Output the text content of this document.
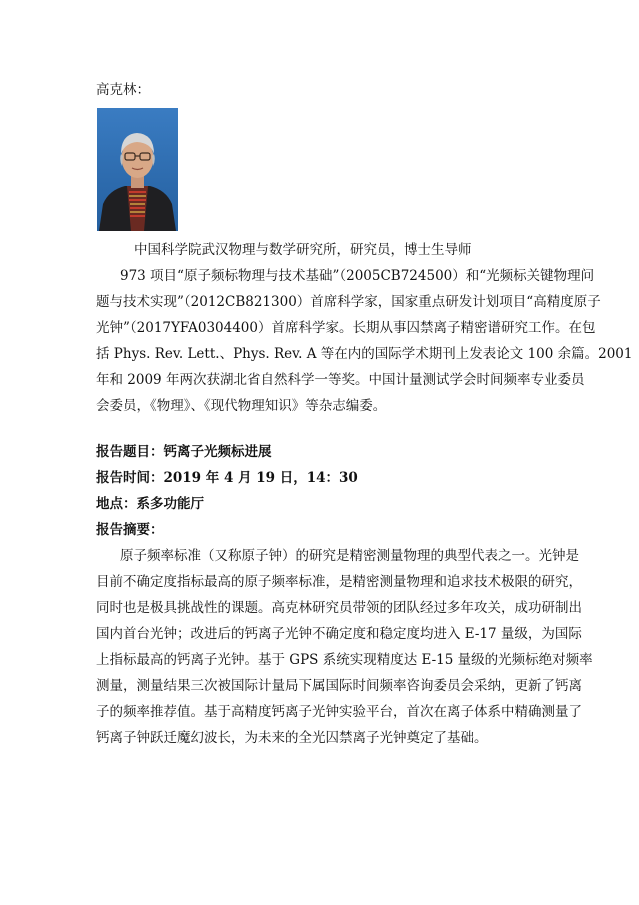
高克林：

中国科学院武汉物理与数学研究所，研究员，博士生导师

973 项目“原子频标物理与技术基础”（2005CB724500）和“光频标关键物理问

题与技术实现”（2012CB821300）首席科学家，国家重点研发计划项目“高精度原子

光钟”（2017YFA0304400）首席科学家。长期从事囚禁离子精密谱研究工作。在包

括 Phys. Rev. Lett.、Phys. Rev. A 等在内的国际学术期刊上发表论文 100 余篇。2001

年和 2009 年两次获湖北省自然科学一等奖。中国计量测试学会时间频率专业委员

会委员，《物理》、《现代物理知识》等杂志编委。

报告题目：钙离子光频标进展

报告时间：2019 年 4 月 19 日，14：30

地点：系多功能厅

报告摘要：

原子频率标准（又称原子钟）的研究是精密测量物理的典型代表之一。光钟是

目前不确定度指标最高的原子频率标准，是精密测量物理和追求技术极限的研究，

同时也是极具挑战性的课题。高克林研究员带领的团队经过多年攻关，成功研制出

国内首台光钟；改进后的钙离子光钟不确定度和稳定度均进入 E-17 量级，为国际

上指标最高的钙离子光钟。基于 GPS 系统实现精度达 E-15 量级的光频标绝对频率

测量，测量结果三次被国际计量局下属国际时间频率咨询委员会采纳，更新了钙离

子的频率推荐值。基于高精度钙离子光钟实验平台，首次在离子体系中精确测量了

钙离子钟跃迁魔幻波长，为未来的全光囚禁离子光钟奠定了基础。
